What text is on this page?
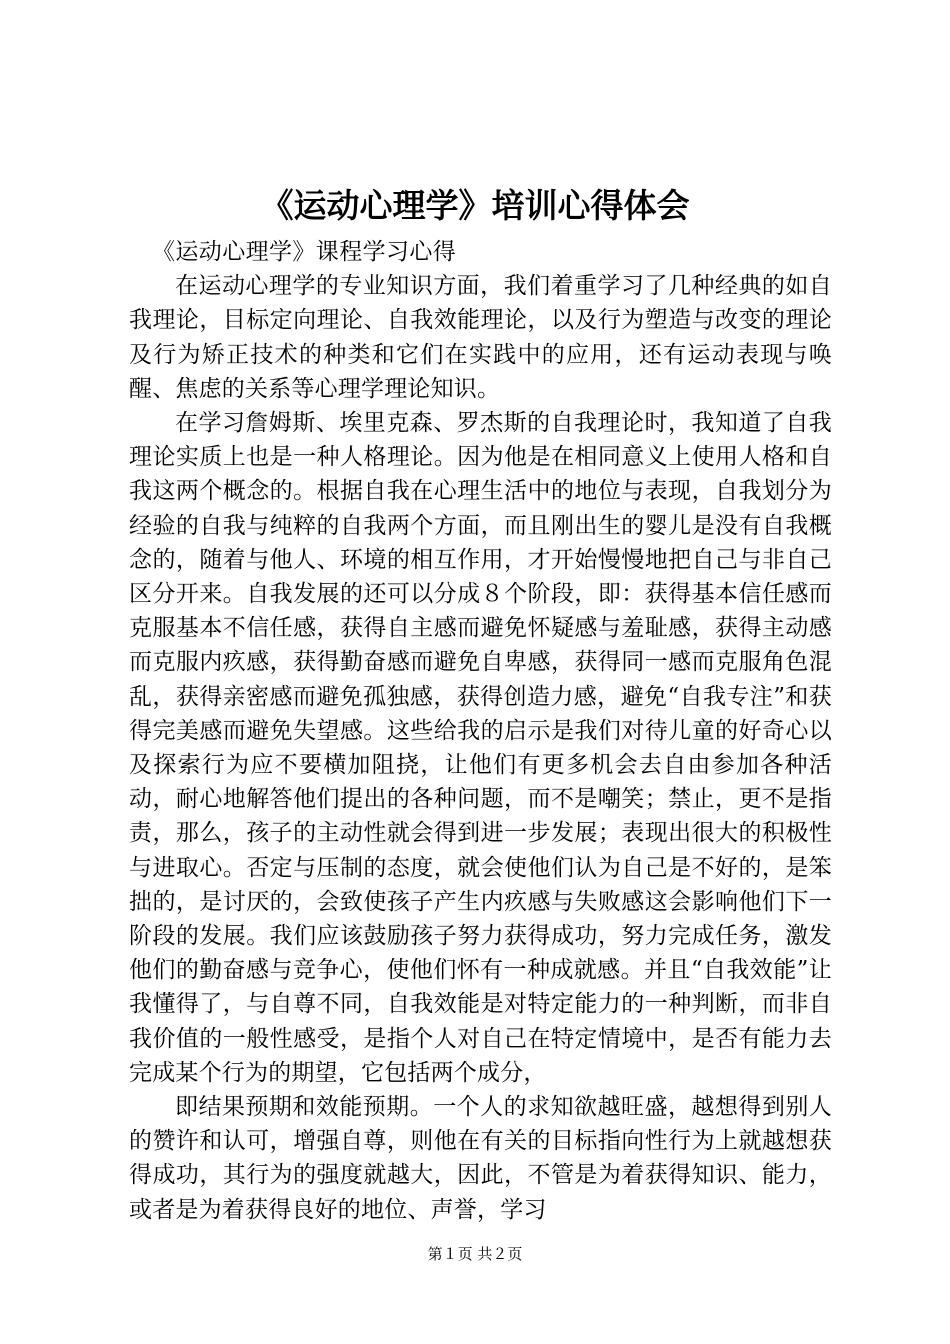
《运动心理学》培训心得体会

《运动心理学》课程学习心得

在运动心理学的专业知识方面，我们着重学习了几种经典的如自我理论，目标定向理论、自我效能理论，以及行为塑造与改变的理论及行为矫正技术的种类和它们在实践中的应用，还有运动表现与唤醒、焦虑的关系等心理学理论知识。

在学习詹姆斯、埃里克森、罗杰斯的自我理论时，我知道了自我理论实质上也是一种人格理论。因为他是在相同意义上使用人格和自我这两个概念的。根据自我在心理生活中的地位与表现，自我划分为经验的自我与纯粹的自我两个方面，而且刚出生的婴儿是没有自我概念的，随着与他人、环境的相互作用，才开始慢慢地把自己与非自己区分开来。自我发展的还可以分成８个阶段，即：获得基本信任感而克服基本不信任感，获得自主感而避免怀疑感与羞耻感，获得主动感而克服内疚感，获得勤奋感而避免自卑感，获得同一感而克服角色混乱，获得亲密感而避免孤独感，获得创造力感，避免“自我专注”和获得完美感而避免失望感。这些给我的启示是我们对待儿童的好奇心以及探索行为应不要横加阻挠，让他们有更多机会去自由参加各种活动，耐心地解答他们提出的各种问题，而不是嘲笑；禁止，更不是指责，那么，孩子的主动性就会得到进一步发展；表现出很大的积极性与进取心。否定与压制的态度，就会使他们认为自己是不好的，是笨拙的，是讨厌的，会致使孩子产生内疚感与失败感这会影响他们下一阶段的发展。我们应该鼓励孩子努力获得成功，努力完成任务，激发他们的勤奋感与竞争心，使他们怀有一种成就感。并且“自我效能”让我懂得了，与自尊不同，自我效能是对特定能力的一种判断，而非自我价值的一般性感受，是指个人对自己在特定情境中，是否有能力去完成某个行为的期望，它包括两个成分，

即结果预期和效能预期。一个人的求知欲越旺盛，越想得到别人的赞许和认可，增强自尊，则他在有关的目标指向性行为上就越想获得成功，其行为的强度就越大，因此，不管是为着获得知识、能力，或者是为着获得良好的地位、声誉，学习

第１页 共２页
